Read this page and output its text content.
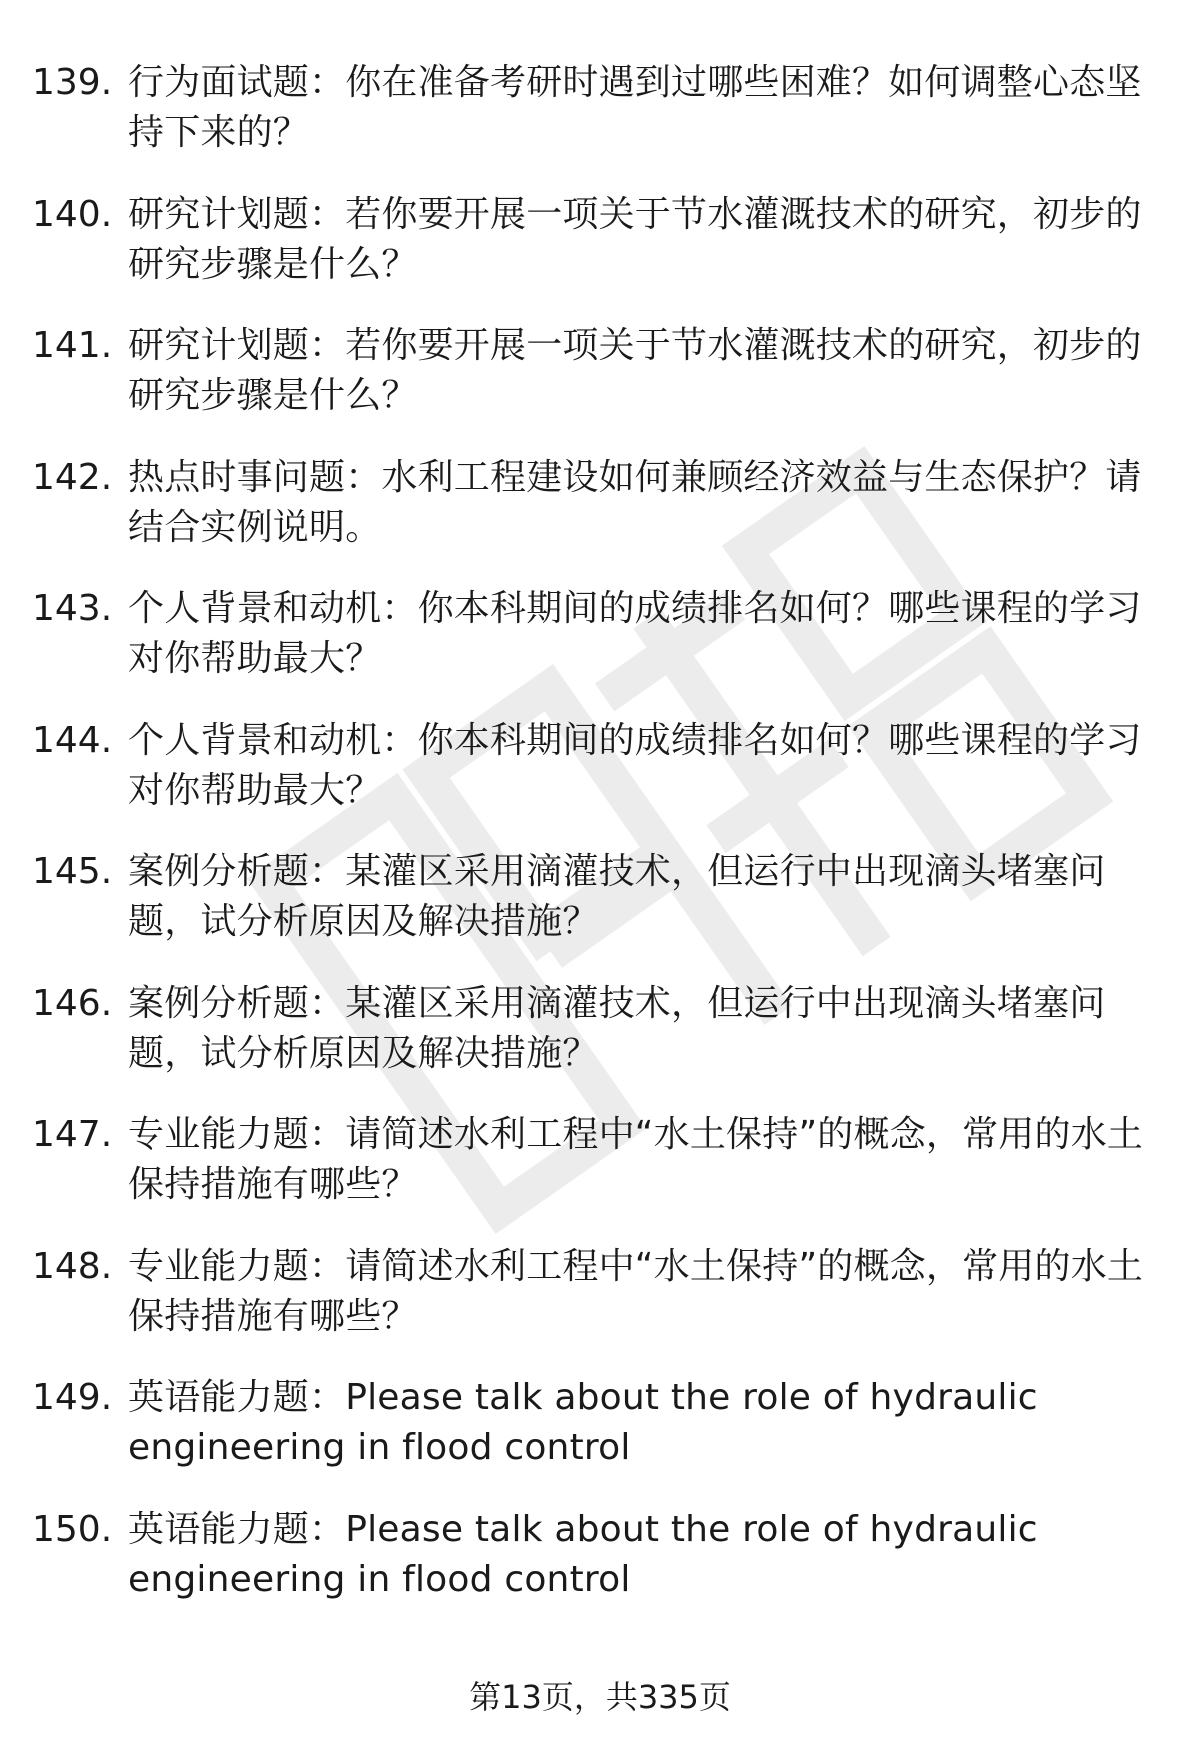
139. 行为面试题：你在准备考研时遇到过哪些困难？如何调整心态坚持下来的？
140. 研究计划题：若你要开展一项关于节水灌溉技术的研究，初步的研究步骤是什么？
141. 研究计划题：若你要开展一项关于节水灌溉技术的研究，初步的研究步骤是什么？
142. 热点时事问题：水利工程建设如何兼顾经济效益与生态保护？请结合实例说明。
143. 个人背景和动机：你本科期间的成绩排名如何？哪些课程的学习对你帮助最大？
144. 个人背景和动机：你本科期间的成绩排名如何？哪些课程的学习对你帮助最大？
145. 案例分析题：某灌区采用滴灌技术，但运行中出现滴头堵塞问题，试分析原因及解决措施？
146. 案例分析题：某灌区采用滴灌技术，但运行中出现滴头堵塞问题，试分析原因及解决措施？
147. 专业能力题：请简述水利工程中“水土保持”的概念，常用的水土保持措施有哪些？
148. 专业能力题：请简述水利工程中“水土保持”的概念，常用的水土保持措施有哪些？
149. 英语能力题：Please talk about the role of hydraulic engineering in flood control
150. 英语能力题：Please talk about the role of hydraulic engineering in flood control
第13页，共335页
